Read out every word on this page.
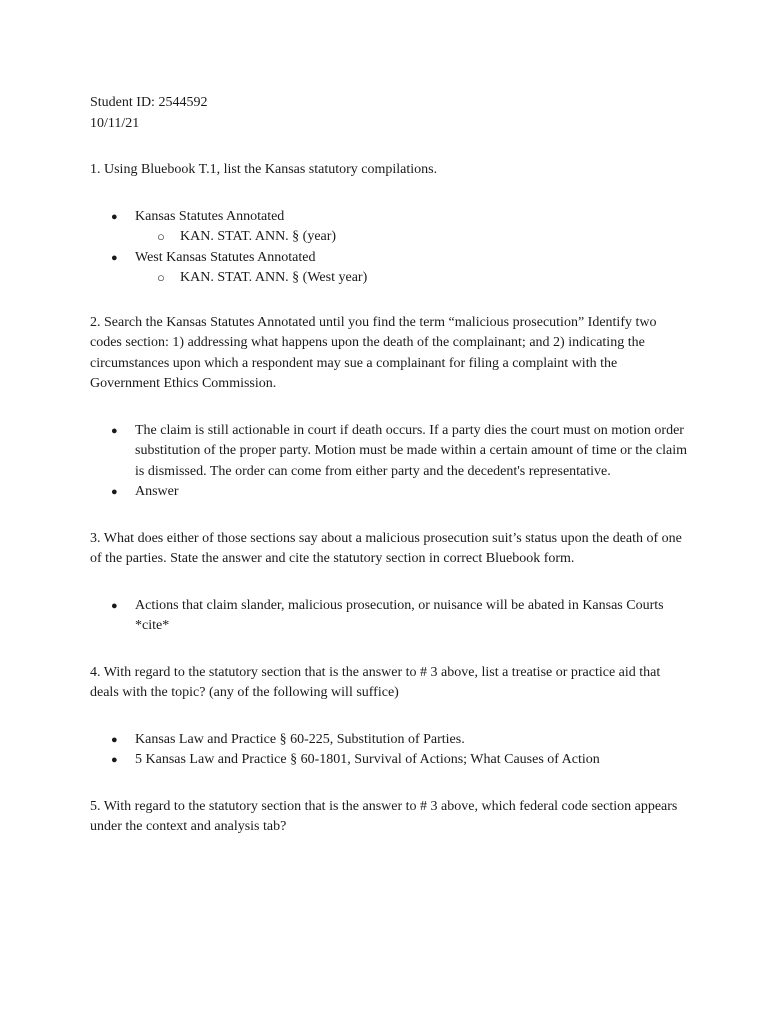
Student ID: 2544592

10/11/21

1. Using Bluebook T.1, list the Kansas statutory compilations.

● Kansas Statutes Annotated
○ KAN. STAT. ANN. § (year)
● West Kansas Statutes Annotated
○ KAN. STAT. ANN. § (West year)

2. Search the Kansas Statutes Annotated until you find the term “malicious prosecution” Identify two codes section: 1) addressing what happens upon the death of the complainant; and 2) indicating the circumstances upon which a respondent may sue a complainant for filing a complaint with the Government Ethics Commission.

● The claim is still actionable in court if death occurs. If a party dies the court must on motion order substitution of the proper party. Motion must be made within a certain amount of time or the claim is dismissed. The order can come from either party and the decedent's representative.
● Answer

3. What does either of those sections say about a malicious prosecution suit’s status upon the death of one of the parties. State the answer and cite the statutory section in correct Bluebook form.

● Actions that claim slander, malicious prosecution, or nuisance will be abated in Kansas Courts *cite*

4. With regard to the statutory section that is the answer to # 3 above, list a treatise or practice aid that deals with the topic? (any of the following will suffice)

● Kansas Law and Practice § 60-225, Substitution of Parties.
● 5 Kansas Law and Practice § 60-1801, Survival of Actions; What Causes of Action

5. With regard to the statutory section that is the answer to # 3 above, which federal code section appears under the context and analysis tab?
